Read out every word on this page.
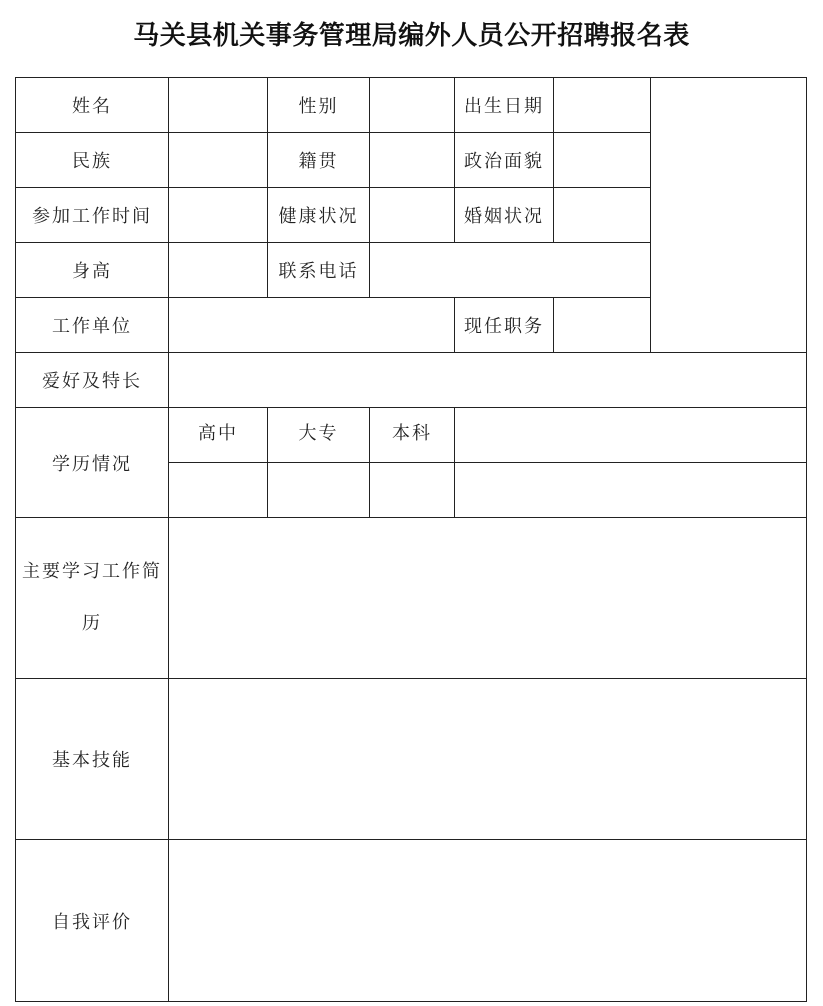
马关县机关事务管理局编外人员公开招聘报名表
姓名		性别		出生日期		
民族		籍贯		政治面貌		
参加工作时间		健康状况		婚姻状况		
身高		联系电话				
工作单位				现任职务		
爱好及特长						
学历情况	高中	大专	本科			

主要学习工作简历						
基本技能						
自我评价						
